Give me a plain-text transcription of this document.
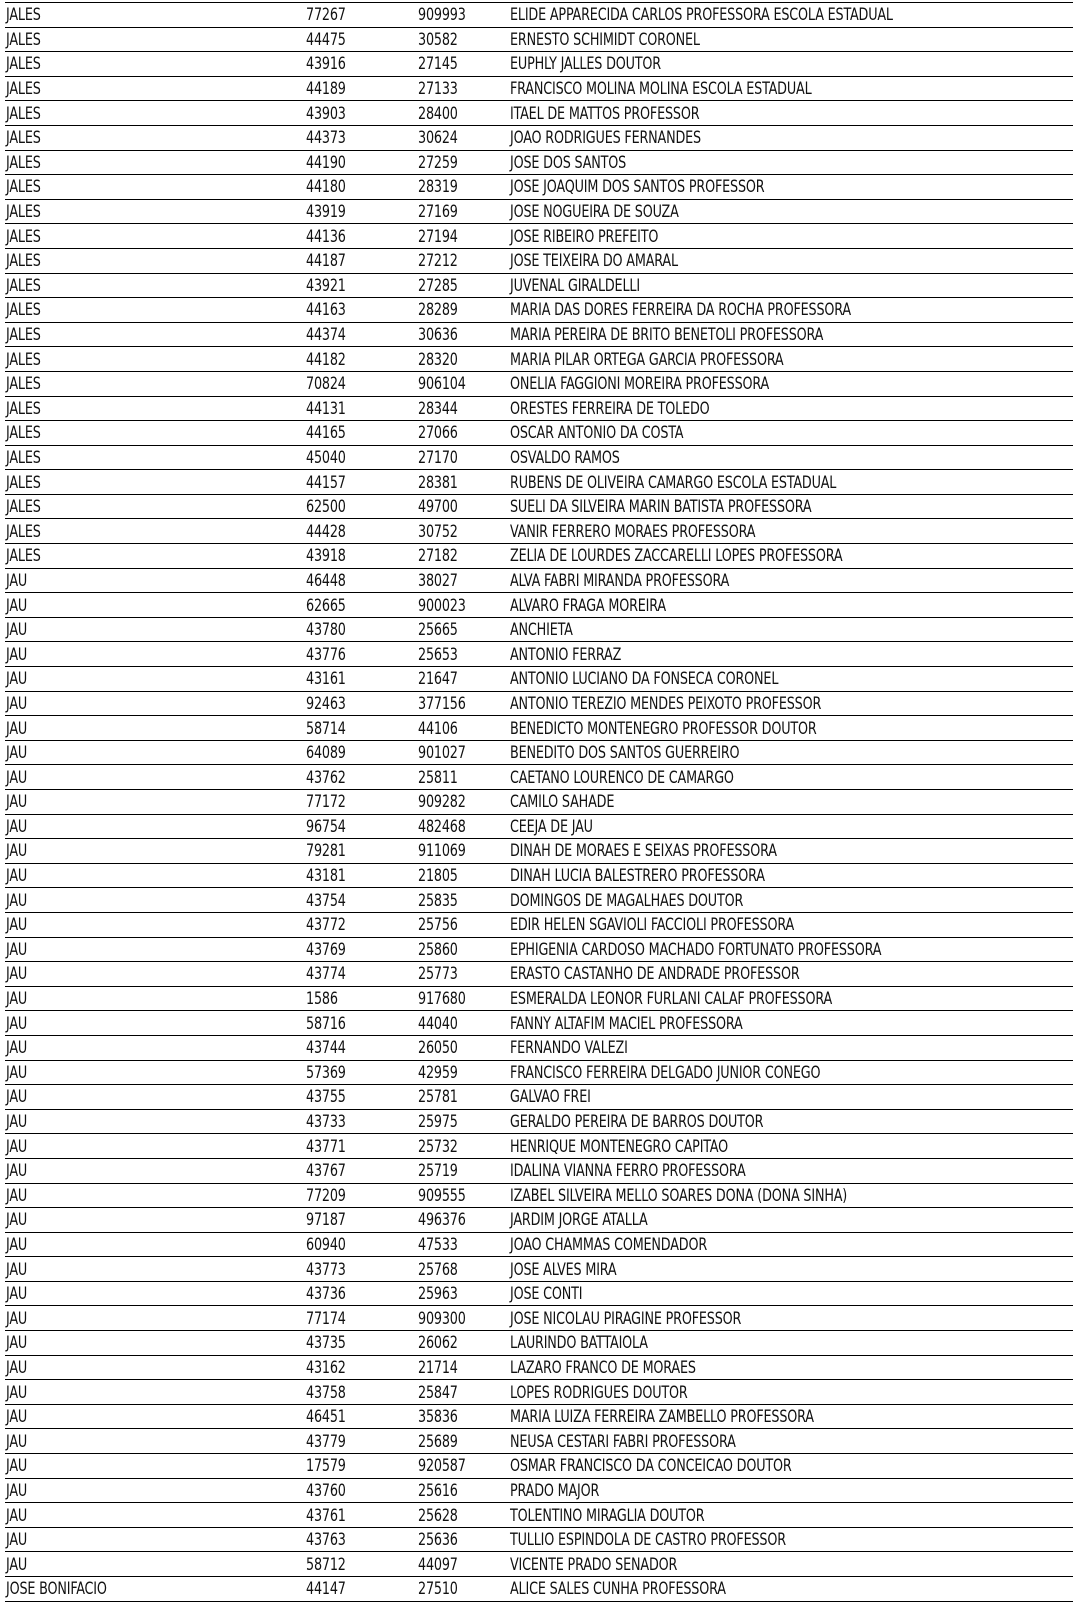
JALES	77267	909993	ELIDE APPARECIDA CARLOS PROFESSORA ESCOLA ESTADUAL
JALES	44475	30582	ERNESTO SCHIMIDT CORONEL
JALES	43916	27145	EUPHLY JALLES DOUTOR
JALES	44189	27133	FRANCISCO MOLINA MOLINA ESCOLA ESTADUAL
JALES	43903	28400	ITAEL DE MATTOS PROFESSOR
JALES	44373	30624	JOAO RODRIGUES FERNANDES
JALES	44190	27259	JOSE DOS SANTOS
JALES	44180	28319	JOSE JOAQUIM DOS SANTOS PROFESSOR
JALES	43919	27169	JOSE NOGUEIRA DE SOUZA
JALES	44136	27194	JOSE RIBEIRO PREFEITO
JALES	44187	27212	JOSE TEIXEIRA DO AMARAL
JALES	43921	27285	JUVENAL GIRALDELLI
JALES	44163	28289	MARIA DAS DORES FERREIRA DA ROCHA PROFESSORA
JALES	44374	30636	MARIA PEREIRA DE BRITO BENETOLI PROFESSORA
JALES	44182	28320	MARIA PILAR ORTEGA GARCIA PROFESSORA
JALES	70824	906104	ONELIA FAGGIONI MOREIRA PROFESSORA
JALES	44131	28344	ORESTES FERREIRA DE TOLEDO
JALES	44165	27066	OSCAR ANTONIO DA COSTA
JALES	45040	27170	OSVALDO RAMOS
JALES	44157	28381	RUBENS DE OLIVEIRA CAMARGO ESCOLA ESTADUAL
JALES	62500	49700	SUELI DA SILVEIRA MARIN BATISTA PROFESSORA
JALES	44428	30752	VANIR FERRERO MORAES PROFESSORA
JALES	43918	27182	ZELIA DE LOURDES ZACCARELLI LOPES PROFESSORA
JAU	46448	38027	ALVA FABRI MIRANDA PROFESSORA
JAU	62665	900023	ALVARO FRAGA MOREIRA
JAU	43780	25665	ANCHIETA
JAU	43776	25653	ANTONIO FERRAZ
JAU	43161	21647	ANTONIO LUCIANO DA FONSECA CORONEL
JAU	92463	377156	ANTONIO TEREZIO MENDES PEIXOTO PROFESSOR
JAU	58714	44106	BENEDICTO MONTENEGRO PROFESSOR DOUTOR
JAU	64089	901027	BENEDITO DOS SANTOS GUERREIRO
JAU	43762	25811	CAETANO LOURENCO DE CAMARGO
JAU	77172	909282	CAMILO SAHADE
JAU	96754	482468	CEEJA DE JAU
JAU	79281	911069	DINAH DE MORAES E SEIXAS PROFESSORA
JAU	43181	21805	DINAH LUCIA BALESTRERO PROFESSORA
JAU	43754	25835	DOMINGOS DE MAGALHAES DOUTOR
JAU	43772	25756	EDIR HELEN SGAVIOLI FACCIOLI PROFESSORA
JAU	43769	25860	EPHIGENIA CARDOSO MACHADO FORTUNATO PROFESSORA
JAU	43774	25773	ERASTO CASTANHO DE ANDRADE PROFESSOR
JAU	1586	917680	ESMERALDA LEONOR FURLANI CALAF PROFESSORA
JAU	58716	44040	FANNY ALTAFIM MACIEL PROFESSORA
JAU	43744	26050	FERNANDO VALEZI
JAU	57369	42959	FRANCISCO FERREIRA DELGADO JUNIOR CONEGO
JAU	43755	25781	GALVAO FREI
JAU	43733	25975	GERALDO PEREIRA DE BARROS DOUTOR
JAU	43771	25732	HENRIQUE MONTENEGRO CAPITAO
JAU	43767	25719	IDALINA VIANNA FERRO PROFESSORA
JAU	77209	909555	IZABEL SILVEIRA MELLO SOARES DONA (DONA SINHA)
JAU	97187	496376	JARDIM JORGE ATALLA
JAU	60940	47533	JOAO CHAMMAS COMENDADOR
JAU	43773	25768	JOSE ALVES MIRA
JAU	43736	25963	JOSE CONTI
JAU	77174	909300	JOSE NICOLAU PIRAGINE PROFESSOR
JAU	43735	26062	LAURINDO BATTAIOLA
JAU	43162	21714	LAZARO FRANCO DE MORAES
JAU	43758	25847	LOPES RODRIGUES DOUTOR
JAU	46451	35836	MARIA LUIZA FERREIRA ZAMBELLO PROFESSORA
JAU	43779	25689	NEUSA CESTARI FABRI PROFESSORA
JAU	17579	920587	OSMAR FRANCISCO DA CONCEICAO DOUTOR
JAU	43760	25616	PRADO MAJOR
JAU	43761	25628	TOLENTINO MIRAGLIA DOUTOR
JAU	43763	25636	TULLIO ESPINDOLA DE CASTRO PROFESSOR
JAU	58712	44097	VICENTE PRADO SENADOR
JOSE BONIFACIO	44147	27510	ALICE SALES CUNHA PROFESSORA
